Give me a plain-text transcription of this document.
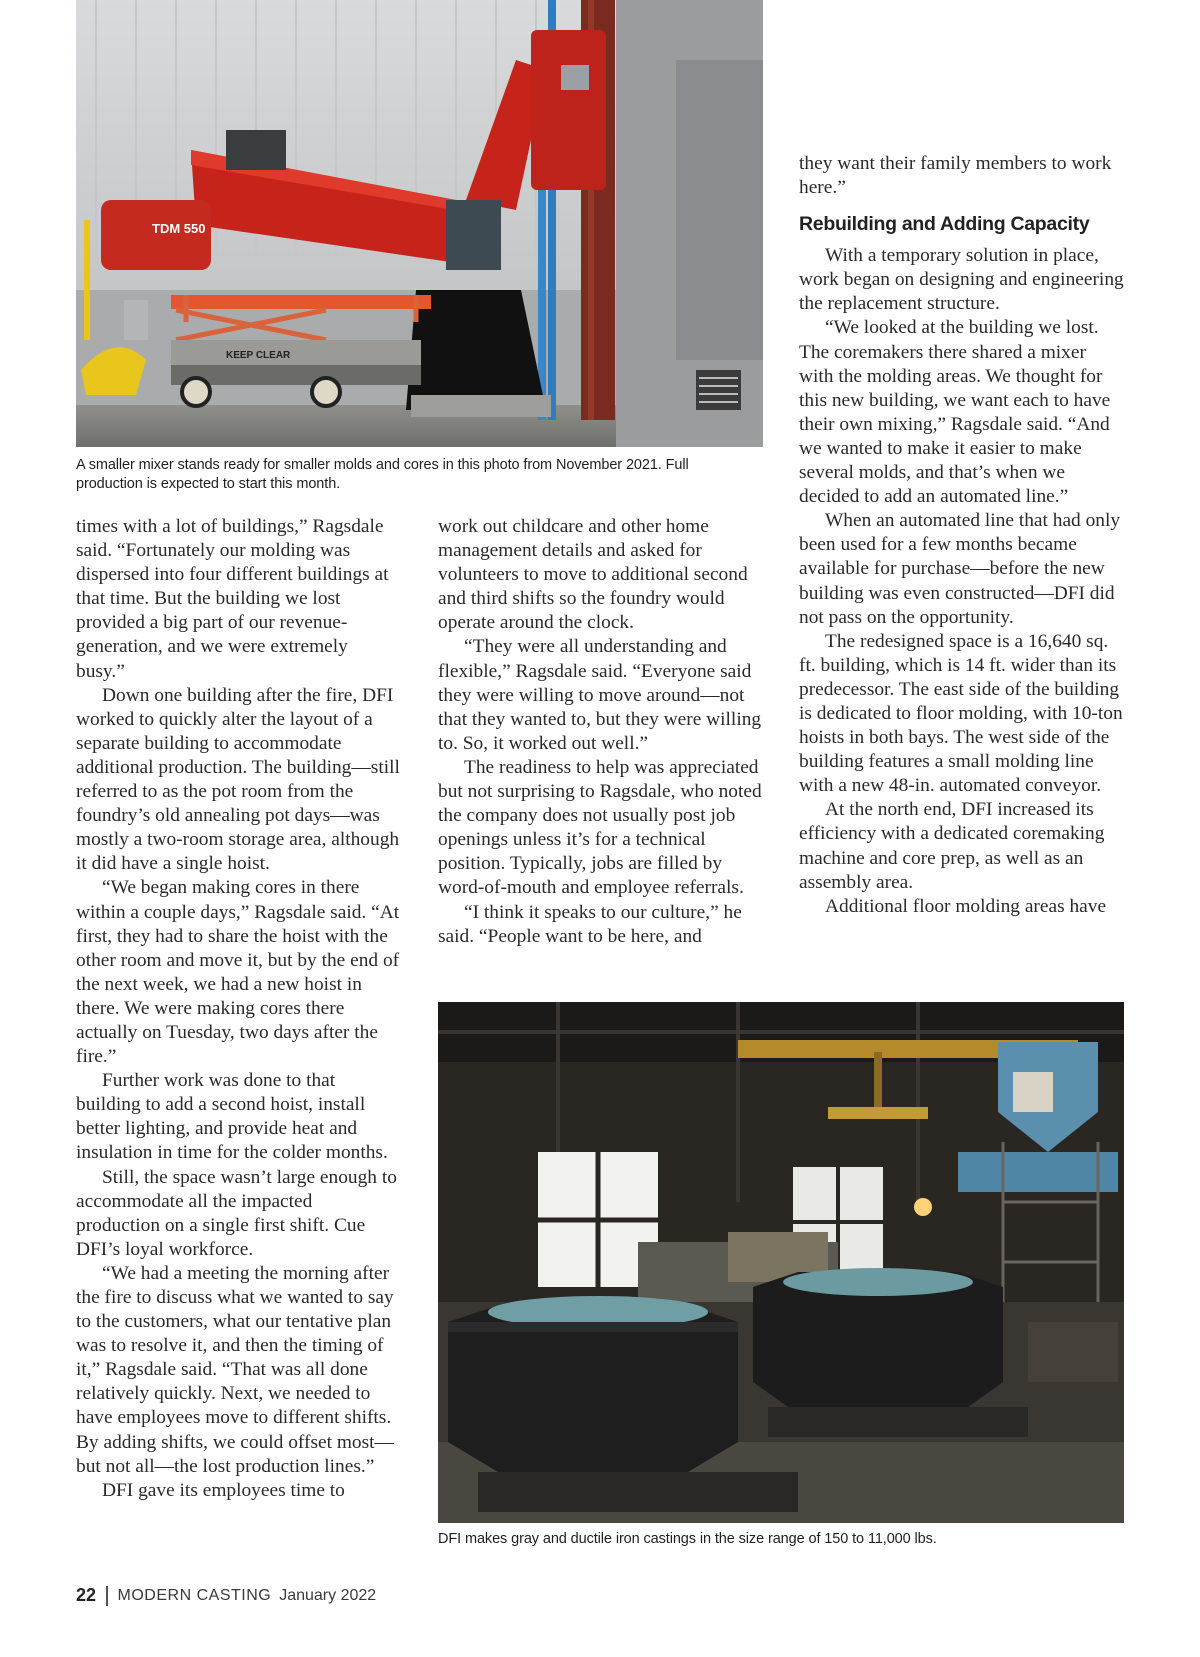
TDM 550
KEEP CLEAR
A smaller mixer stands ready for smaller molds and cores in this photo from November 2021. Full production is expected to start this month.

times with a lot of buildings,” Ragsdale said. “Fortunately our molding was dispersed into four different buildings at that time. But the building we lost provided a big part of our revenue-generation, and we were extremely busy.”

Down one building after the fire, DFI worked to quickly alter the layout of a separate building to accommodate additional production. The building—still referred to as the pot room from the foundry’s old annealing pot days—was mostly a two-room storage area, although it did have a single hoist.

“We began making cores in there within a couple days,” Ragsdale said. “At first, they had to share the hoist with the other room and move it, but by the end of the next week, we had a new hoist in there. We were making cores there actually on Tuesday, two days after the fire.”

Further work was done to that building to add a second hoist, install better lighting, and provide heat and insulation in time for the colder months.

Still, the space wasn’t large enough to accommodate all the impacted production on a single first shift. Cue DFI’s loyal workforce.

“We had a meeting the morning after the fire to discuss what we wanted to say to the customers, what our tentative plan was to resolve it, and then the timing of it,” Ragsdale said. “That was all done relatively quickly. Next, we needed to have employees move to different shifts. By adding shifts, we could offset most—but not all—the lost production lines.”

DFI gave its employees time to

work out childcare and other home management details and asked for volunteers to move to additional second and third shifts so the foundry would operate around the clock.

“They were all understanding and flexible,” Ragsdale said. “Everyone said they were willing to move around—not that they wanted to, but they were willing to. So, it worked out well.”

The readiness to help was appreciated but not surprising to Ragsdale, who noted the company does not usually post job openings unless it’s for a technical position. Typically, jobs are filled by word-of-mouth and employee referrals.

“I think it speaks to our culture,” he said. “People want to be here, and

they want their family members to work here.”

Rebuilding and Adding Capacity

With a temporary solution in place, work began on designing and engineering the replacement structure.

“We looked at the building we lost. The coremakers there shared a mixer with the molding areas. We thought for this new building, we want each to have their own mixing,” Ragsdale said. “And we wanted to make it easier to make several molds, and that’s when we decided to add an automated line.”

When an automated line that had only been used for a few months became available for purchase—before the new building was even constructed—DFI did not pass on the opportunity.

The redesigned space is a 16,640 sq. ft. building, which is 14 ft. wider than its predecessor. The east side of the building is dedicated to floor molding, with 10-ton hoists in both bays. The west side of the building features a small molding line with a new 48-in. automated conveyor.

At the north end, DFI increased its efficiency with a dedicated coremaking machine and core prep, as well as an assembly area.

Additional floor molding areas have

DFI makes gray and ductile iron castings in the size range of 150 to 11,000 lbs.
22 MODERN CASTING January 2022
